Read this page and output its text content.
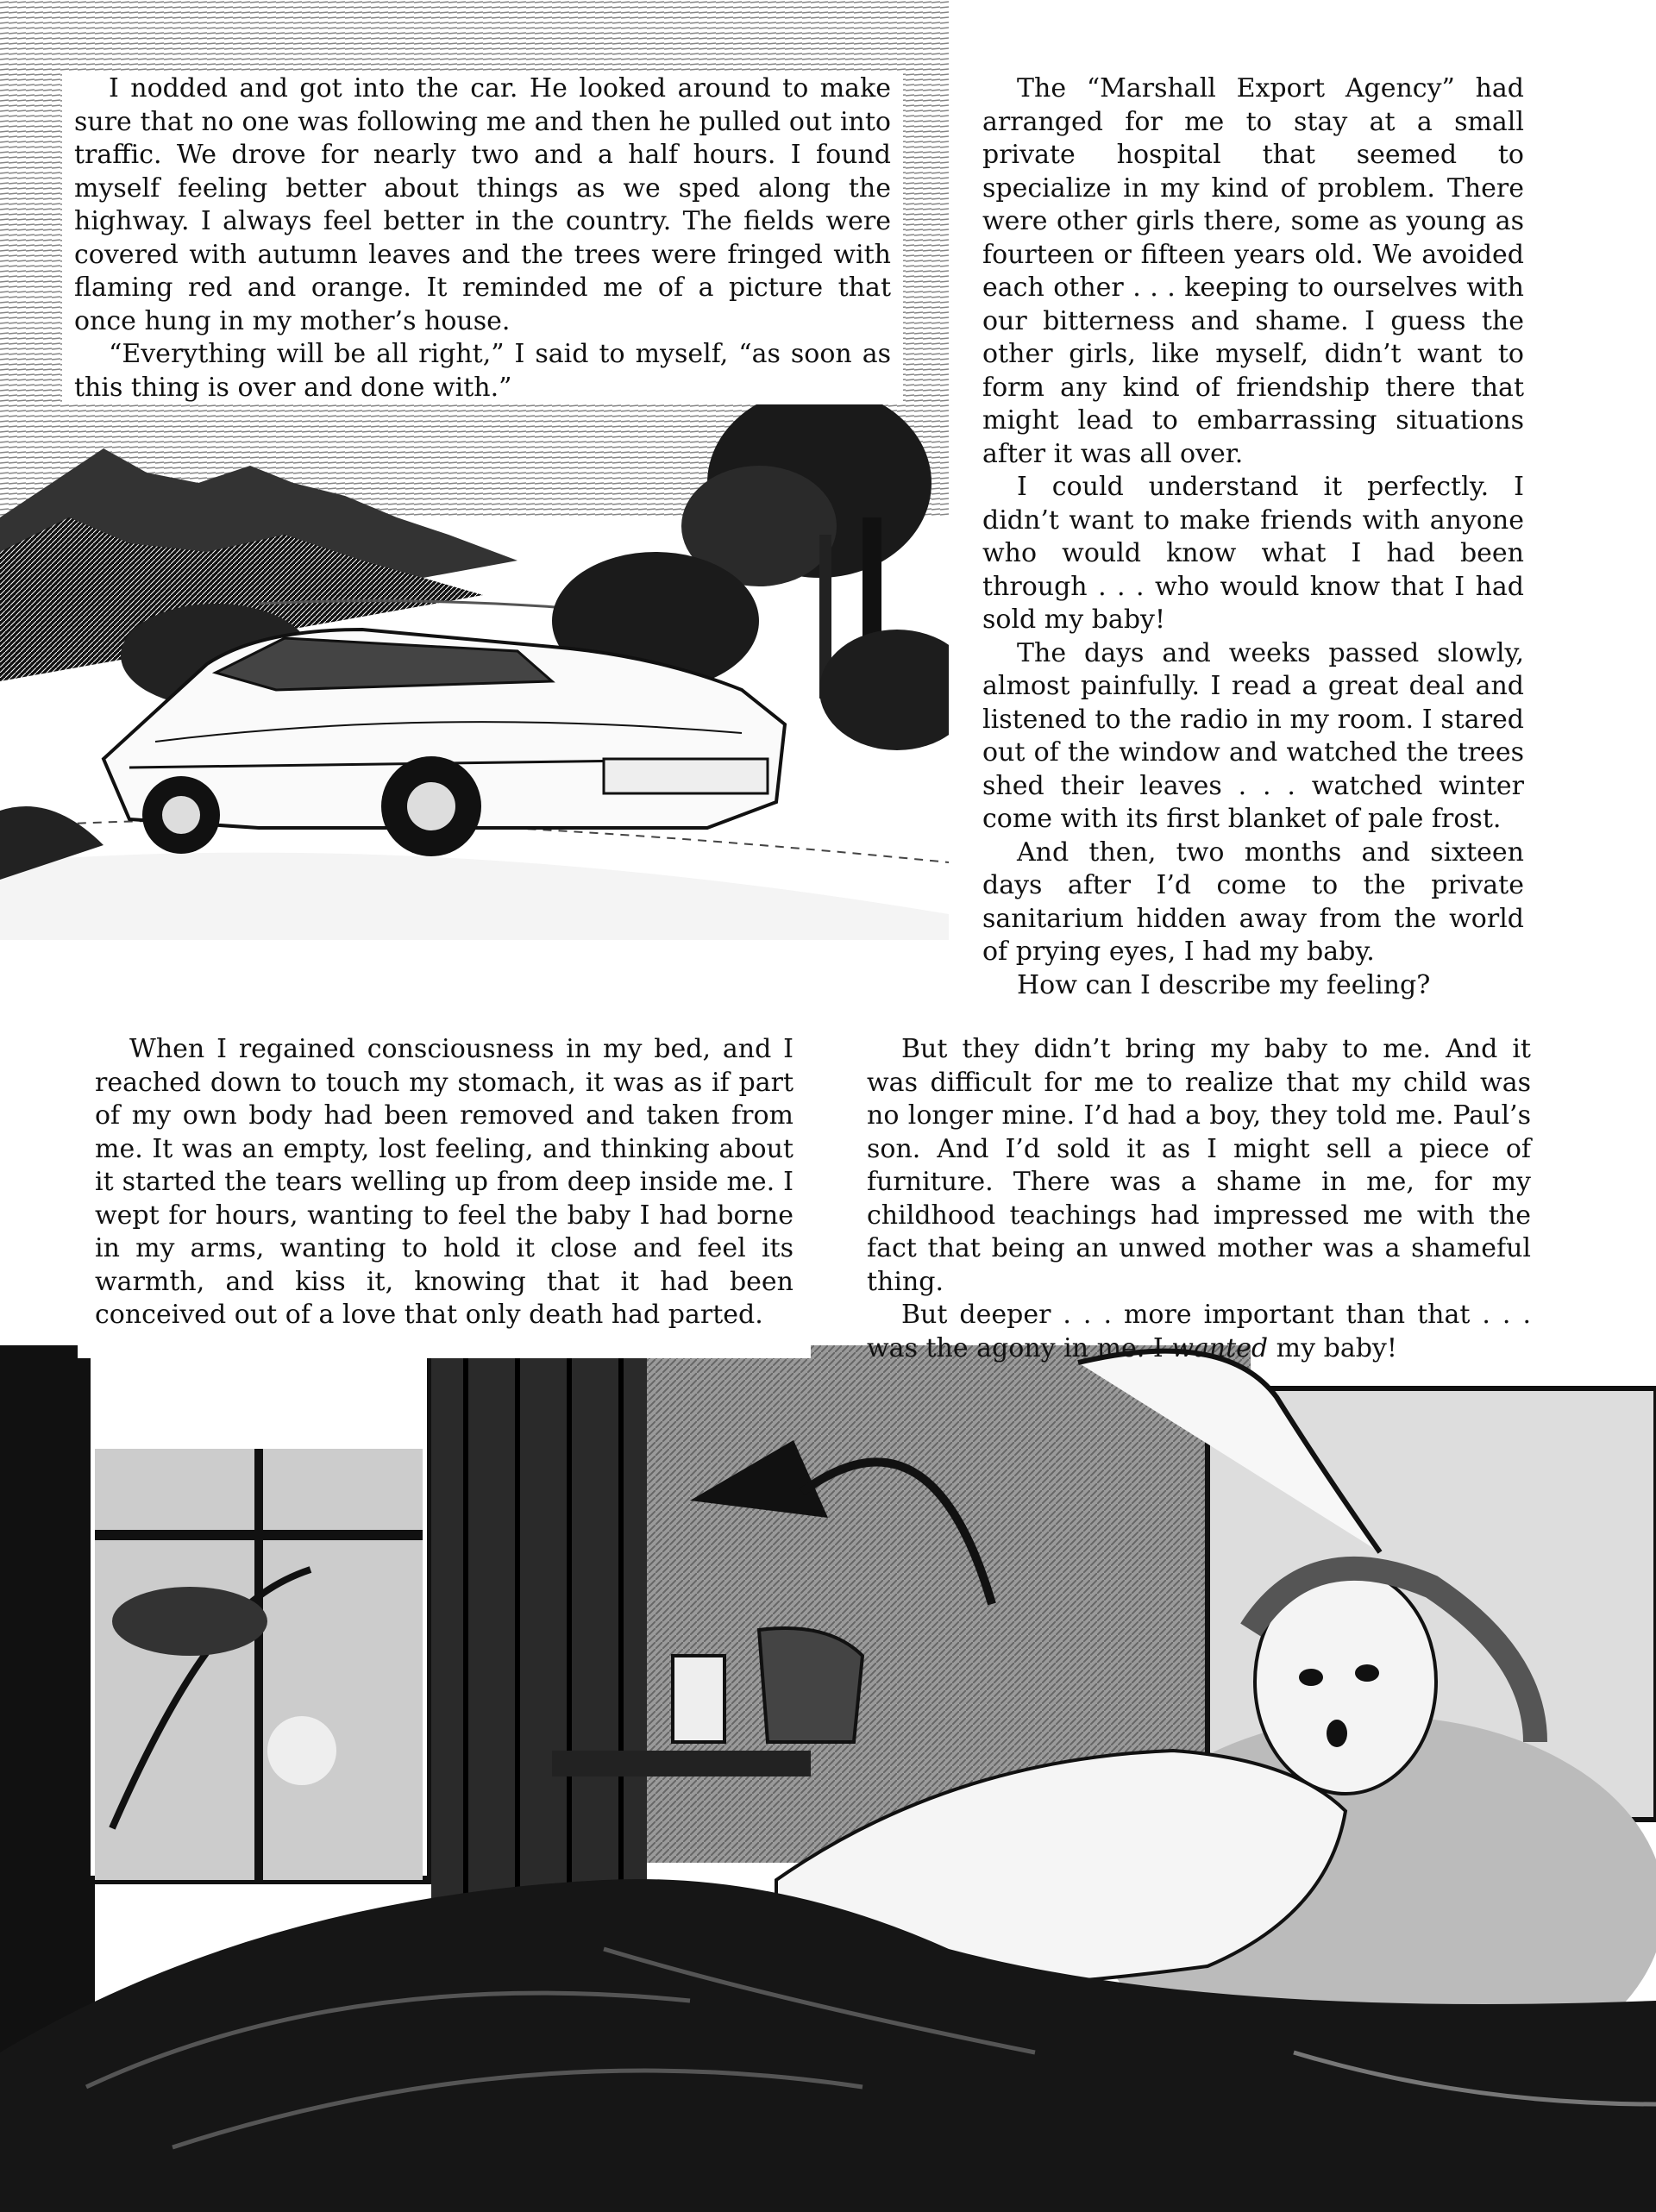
I nodded and got into the car. He looked around to make sure that no one was following me and then he pulled out into traffic. We drove for nearly two and a half hours. I found myself feeling better about things as we sped along the highway. I always feel better in the country. The fields were covered with autumn leaves and the trees were fringed with flaming red and orange. It reminded me of a picture that once hung in my mother’s house.

“Everything will be all right,” I said to myself, “as soon as this thing is over and done with.”

The “Marshall Export Agency” had arranged for me to stay at a small private hospital that seemed to specialize in my kind of problem. There were other girls there, some as young as fourteen or fifteen years old. We avoided each other . . . keeping to ourselves with our bitterness and shame. I guess the other girls, like myself, didn’t want to form any kind of friendship there that might lead to embarrassing situations after it was all over.

I could understand it perfectly. I didn’t want to make friends with anyone who would know what I had been through . . . who would know that I had sold my baby!

The days and weeks passed slowly, almost painfully. I read a great deal and listened to the radio in my room. I stared out of the window and watched the trees shed their leaves . . . watched winter come with its first blanket of pale frost.

And then, two months and sixteen days after I’d come to the private sanitarium hidden away from the world of prying eyes, I had my baby.

How can I describe my feeling?

When I regained consciousness in my bed, and I reached down to touch my stomach, it was as if part of my own body had been removed and taken from me. It was an empty, lost feeling, and thinking about it started the tears welling up from deep inside me. I wept for hours, wanting to feel the baby I had borne in my arms, wanting to hold it close and feel its warmth, and kiss it, knowing that it had been conceived out of a love that only death had parted.

But they didn’t bring my baby to me. And it was difficult for me to realize that my child was no longer mine. I’d had a boy, they told me. Paul’s son. And I’d sold it as I might sell a piece of furniture. There was a shame in me, for my childhood teachings had impressed me with the fact that being an unwed mother was a shameful thing.

But deeper . . . more important than that . . . was the agony in me. I wanted my baby!
